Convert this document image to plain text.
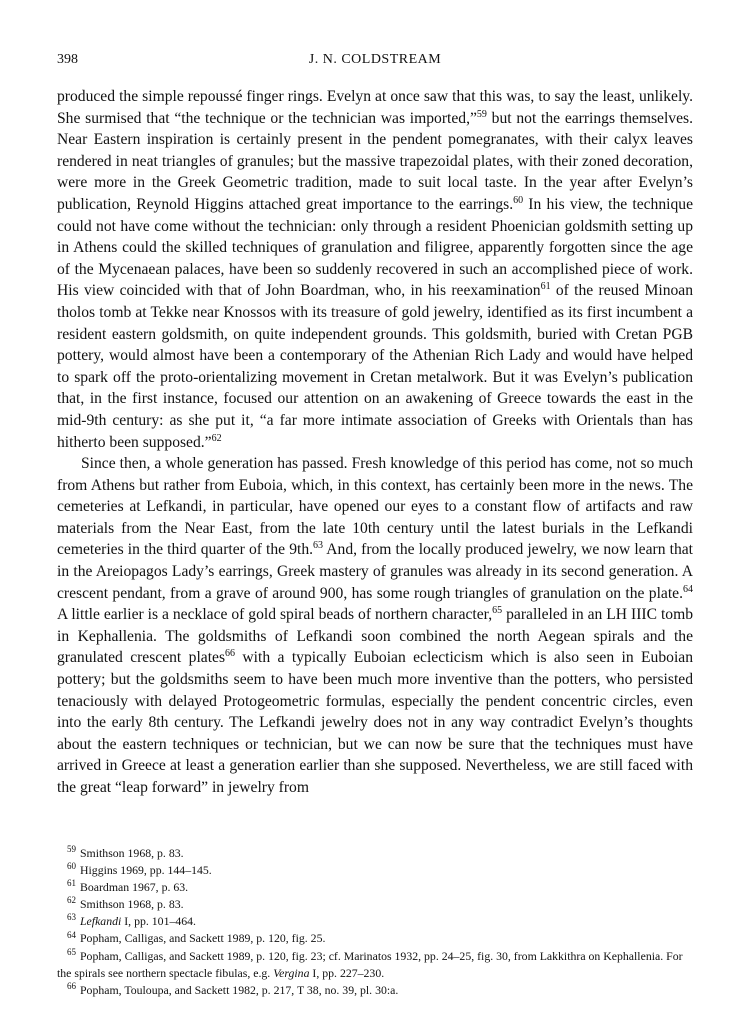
398	J. N. COLDSTREAM

produced the simple repoussé finger rings. Evelyn at once saw that this was, to say the least, unlikely. She surmised that “the technique or the technician was imported,”$^{59}$ but not the earrings themselves. Near Eastern inspiration is certainly present in the pendent pomegranates, with their calyx leaves rendered in neat triangles of granules; but the massive trapezoidal plates, with their zoned decoration, were more in the Greek Geometric tradition, made to suit local taste. In the year after Evelyn’s publication, Reynold Higgins attached great importance to the earrings.$^{60}$ In his view, the technique could not have come without the technician: only through a resident Phoenician goldsmith setting up in Athens could the skilled techniques of granulation and filigree, apparently forgotten since the age of the Mycenaean palaces, have been so suddenly recovered in such an accomplished piece of work. His view coincided with that of John Boardman, who, in his reexamination$^{61}$ of the reused Minoan tholos tomb at Tekke near Knossos with its treasure of gold jewelry, identified as its first incumbent a resident eastern goldsmith, on quite independent grounds. This goldsmith, buried with Cretan PGB pottery, would almost have been a contemporary of the Athenian Rich Lady and would have helped to spark off the proto-orientalizing movement in Cretan metalwork. But it was Evelyn’s publication that, in the first instance, focused our attention on an awakening of Greece towards the east in the mid-9th century: as she put it, “a far more intimate association of Greeks with Orientals than has hitherto been supposed.”$^{62}$

Since then, a whole generation has passed. Fresh knowledge of this period has come, not so much from Athens but rather from Euboia, which, in this context, has certainly been more in the news. The cemeteries at Lefkandi, in particular, have opened our eyes to a constant flow of artifacts and raw materials from the Near East, from the late 10th century until the latest burials in the Lefkandi cemeteries in the third quarter of the 9th.$^{63}$ And, from the locally produced jewelry, we now learn that in the Areiopagos Lady’s earrings, Greek mastery of granules was already in its second generation. A crescent pendant, from a grave of around 900, has some rough triangles of granulation on the plate.$^{64}$ A little earlier is a necklace of gold spiral beads of northern character,$^{65}$ paralleled in an LH IIIC tomb in Kephallenia. The goldsmiths of Lefkandi soon combined the north Aegean spirals and the granulated crescent plates$^{66}$ with a typically Euboian eclecticism which is also seen in Euboian pottery; but the goldsmiths seem to have been much more inventive than the potters, who persisted tenaciously with delayed Protogeometric formulas, especially the pendent concentric circles, even into the early 8th century. The Lefkandi jewelry does not in any way contradict Evelyn’s thoughts about the eastern techniques or technician, but we can now be sure that the techniques must have arrived in Greece at least a generation earlier than she supposed. Nevertheless, we are still faced with the great “leap forward” in jewelry from

$^{59}$ Smithson 1968, p. 83.

$^{60}$ Higgins 1969, pp. 144–145.

$^{61}$ Boardman 1967, p. 63.

$^{62}$ Smithson 1968, p. 83.

$^{63}$ Lefkandi I, pp. 101–464.

$^{64}$ Popham, Calligas, and Sackett 1989, p. 120, fig. 25.

$^{65}$ Popham, Calligas, and Sackett 1989, p. 120, fig. 23; cf. Marinatos 1932, pp. 24–25, fig. 30, from Lakkithra on Kephallenia. For the spirals see northern spectacle fibulas, e.g. Vergina I, pp. 227–230.

$^{66}$ Popham, Touloupa, and Sackett 1982, p. 217, T 38, no. 39, pl. 30:a.
